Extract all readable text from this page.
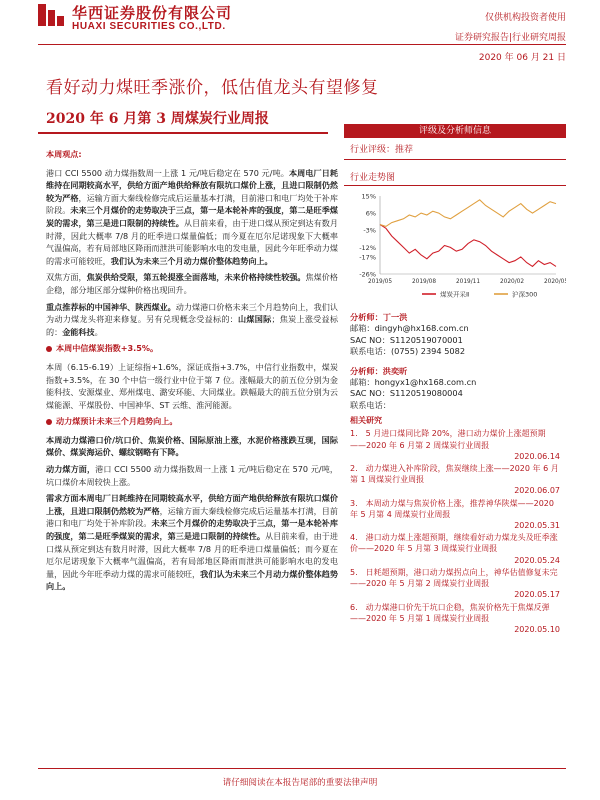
华西证券股份有限公司
HUAXI SECURITIES CO.,LTD.
仅供机构投资者使用
证券研究报告|行业研究周报
2020 年 06 月 21 日
看好动力煤旺季涨价，低估值龙头有望修复
2020 年 6 月第 3 周煤炭行业周报
本周观点:

港口 CCI 5500 动力煤指数周一上涨 1 元/吨后稳定在 570 元/吨。本周电厂日耗维持在同期较高水平，供给方面产地供给释放有限坑口煤价上涨，且进口限制仍然较为严格，运输方面大秦线检修完成后运量基本打满，目前港口和电厂均处于补库阶段。未来三个月煤价的走势取决于三点，第一是本轮补库的强度，第二是旺季煤炭的需求，第三是进口限制的持续性。从目前来看，由于进口煤从预定到达有数月时滞，因此大概率 7/8 月的旺季进口煤量偏低；而今夏在厄尔尼诺现象下大概率气温偏高，若有局部地区降雨而泄洪可能影响水电的发电量，因此今年旺季动力煤的需求可能较旺，我们认为未来三个月动力煤价整体趋势向上。

双焦方面，焦炭供给受限，第五轮提涨全面落地，未来价格持续性较强。焦煤价格企稳，部分地区部分煤种价格出现回升。

重点推荐标的中国神华、陕西煤业。动力煤港口价格未来三个月趋势向上，我们认为动力煤龙头将迎来修复。另有兑现概念受益标的：山煤国际；焦炭上涨受益标的：金能科技。

本周中信煤炭指数+3.5%。

本周（6.15-6.19）上证综指+1.6%，深证成指+3.7%，中信行业指数中，煤炭指数+3.5%，在 30 个中信一级行业中位于第 7 位。涨幅最大的前五位分别为金能科技、安源煤业、郑州煤电、潞安环能、大同煤业。跌幅最大的前五位分别为云煤能源、平煤股份、中国神华、ST 云维、淮河能源。

动力煤预计未来三个月趋势向上。

本周动力煤港口价/坑口价、焦炭价格、国际原油上涨，水泥价格涨跌互现，国际煤价、煤炭海运价、螺纹钢略有下降。

动力煤方面，港口 CCI 5500 动力煤指数周一上涨 1 元/吨后稳定在 570 元/吨，坑口煤价本周较快上涨。

需求方面本周电厂日耗维持在同期较高水平，供给方面产地供给释放有限坑口煤价上涨，且进口限制仍然较为严格，运输方面大秦线检修完成后运量基本打满，目前港口和电厂均处于补库阶段。未来三个月煤价的走势取决于三点，第一是本轮补库的强度，第二是旺季煤炭的需求，第三是进口限制的持续性。从目前来看，由于进口煤从预定到达有数月时滞，因此大概率 7/8 月的旺季进口煤量偏低；而今夏在厄尔尼诺现象下大概率气温偏高，若有局部地区降雨而泄洪可能影响水电的发电量，因此今年旺季动力煤的需求可能较旺，我们认为未来三个月动力煤价整体趋势向上。

评级及分析师信息
行业评级：推荐
行业走势图
15%
6%
-3%
-12%
-17%
-26%
2019/05	2019/08	2019/11	2020/02	2020/05
煤炭开采Ⅱ	沪深300
分析师：丁一洪
邮箱：dingyh@hx168.com.cn
SAC NO：S1120519070001
联系电话：(0755) 2394 5082
分析师：洪奕昕
邮箱：hongyx1@hx168.com.cn
SAC NO：S1120519080004
联系电话：
相关研究
1.　5 月进口煤同比降 20%，港口动力煤价上涨超预期——2020 年 6 月第 2 周煤炭行业周报
2020.06.14
2.　动力煤进入补库阶段，焦炭继续上涨——2020 年 6 月第 1 周煤炭行业周报
2020.06.07
3.　本周动力煤与焦炭价格上涨，推荐神华陕煤——2020 年 5 月第 4 周煤炭行业周报
2020.05.31
4.　港口动力煤上涨超预期，继续看好动力煤龙头及旺季涨价——2020 年 5 月第 3 周煤炭行业周报
2020.05.24
5.　日耗超预期，港口动力煤拐点向上，神华估值修复未完——2020 年 5 月第 2 周煤炭行业周报
2020.05.17
6.　动力煤港口价先于坑口企稳，焦炭价格先于焦煤反弹——2020 年 5 月第 1 周煤炭行业周报
2020.05.10
请仔细阅读在本报告尾部的重要法律声明
